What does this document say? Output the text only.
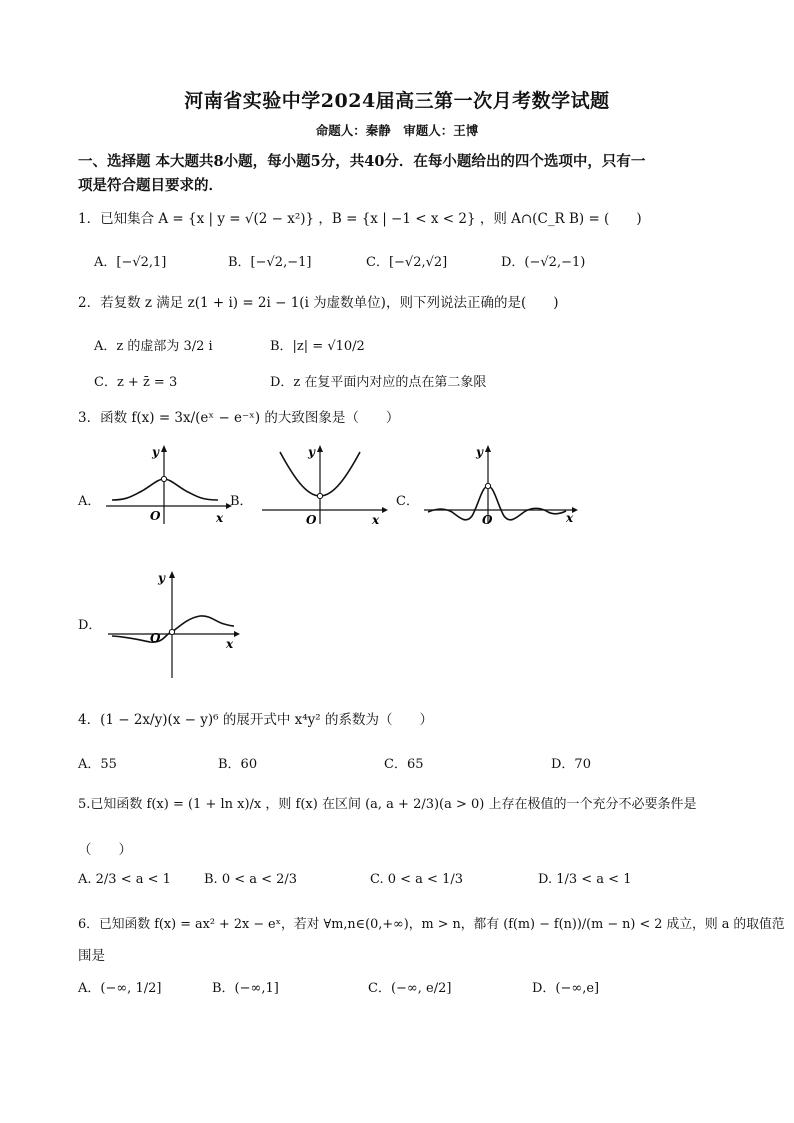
河南省实验中学2024届高三第一次月考数学试题
命题人：秦静　审题人：王博
一、选择题 本大题共8小题，每小题5分，共40分．在每小题给出的四个选项中，只有一
项是符合题目要求的．
1．已知集合 A = {x | y = √(2 − x²)} ，B = {x | −1 < x < 2} ，则 A∩(C_R B) = (　　)
A．[−√2,1]	B．[−√2,−1]	C．[−√2,√2]	D．(−√2,−1)
2．若复数 z 满足 z(1 + i) = 2i − 1(i 为虚数单位)，则下列说法正确的是(　　)
A．z 的虚部为 3/2 i	B．|z| = √10/2
C．z + z̄ = 3	D．z 在复平面内对应的点在第二象限
3．函数 f(x) = 3x/(eˣ − e⁻ˣ) 的大致图象是（　　）
A．
y
O	x
B．
y
O	x
C．
y
O	x
D．
y
O	x
4．(1 − 2x/y)(x − y)⁶ 的展开式中 x⁴y² 的系数为（　　）
A．55	B．60	C．65	D．70
5.已知函数 f(x) = (1 + ln x)/x ，则 f(x) 在区间 (a, a + 2/3)(a > 0) 上存在极值的一个充分不必要条件是
（　　）
A. 2/3 < a < 1	B. 0 < a < 2/3	C. 0 < a < 1/3	D. 1/3 < a < 1
6．已知函数 f(x) = ax² + 2x − eˣ，若对 ∀m,n∈(0,+∞)，m > n，都有 (f(m) − f(n))/(m − n) < 2 成立，则 a 的取值范
围是
A．(−∞, 1/2]	B．(−∞,1]	C．(−∞, e/2]	D．(−∞,e]
